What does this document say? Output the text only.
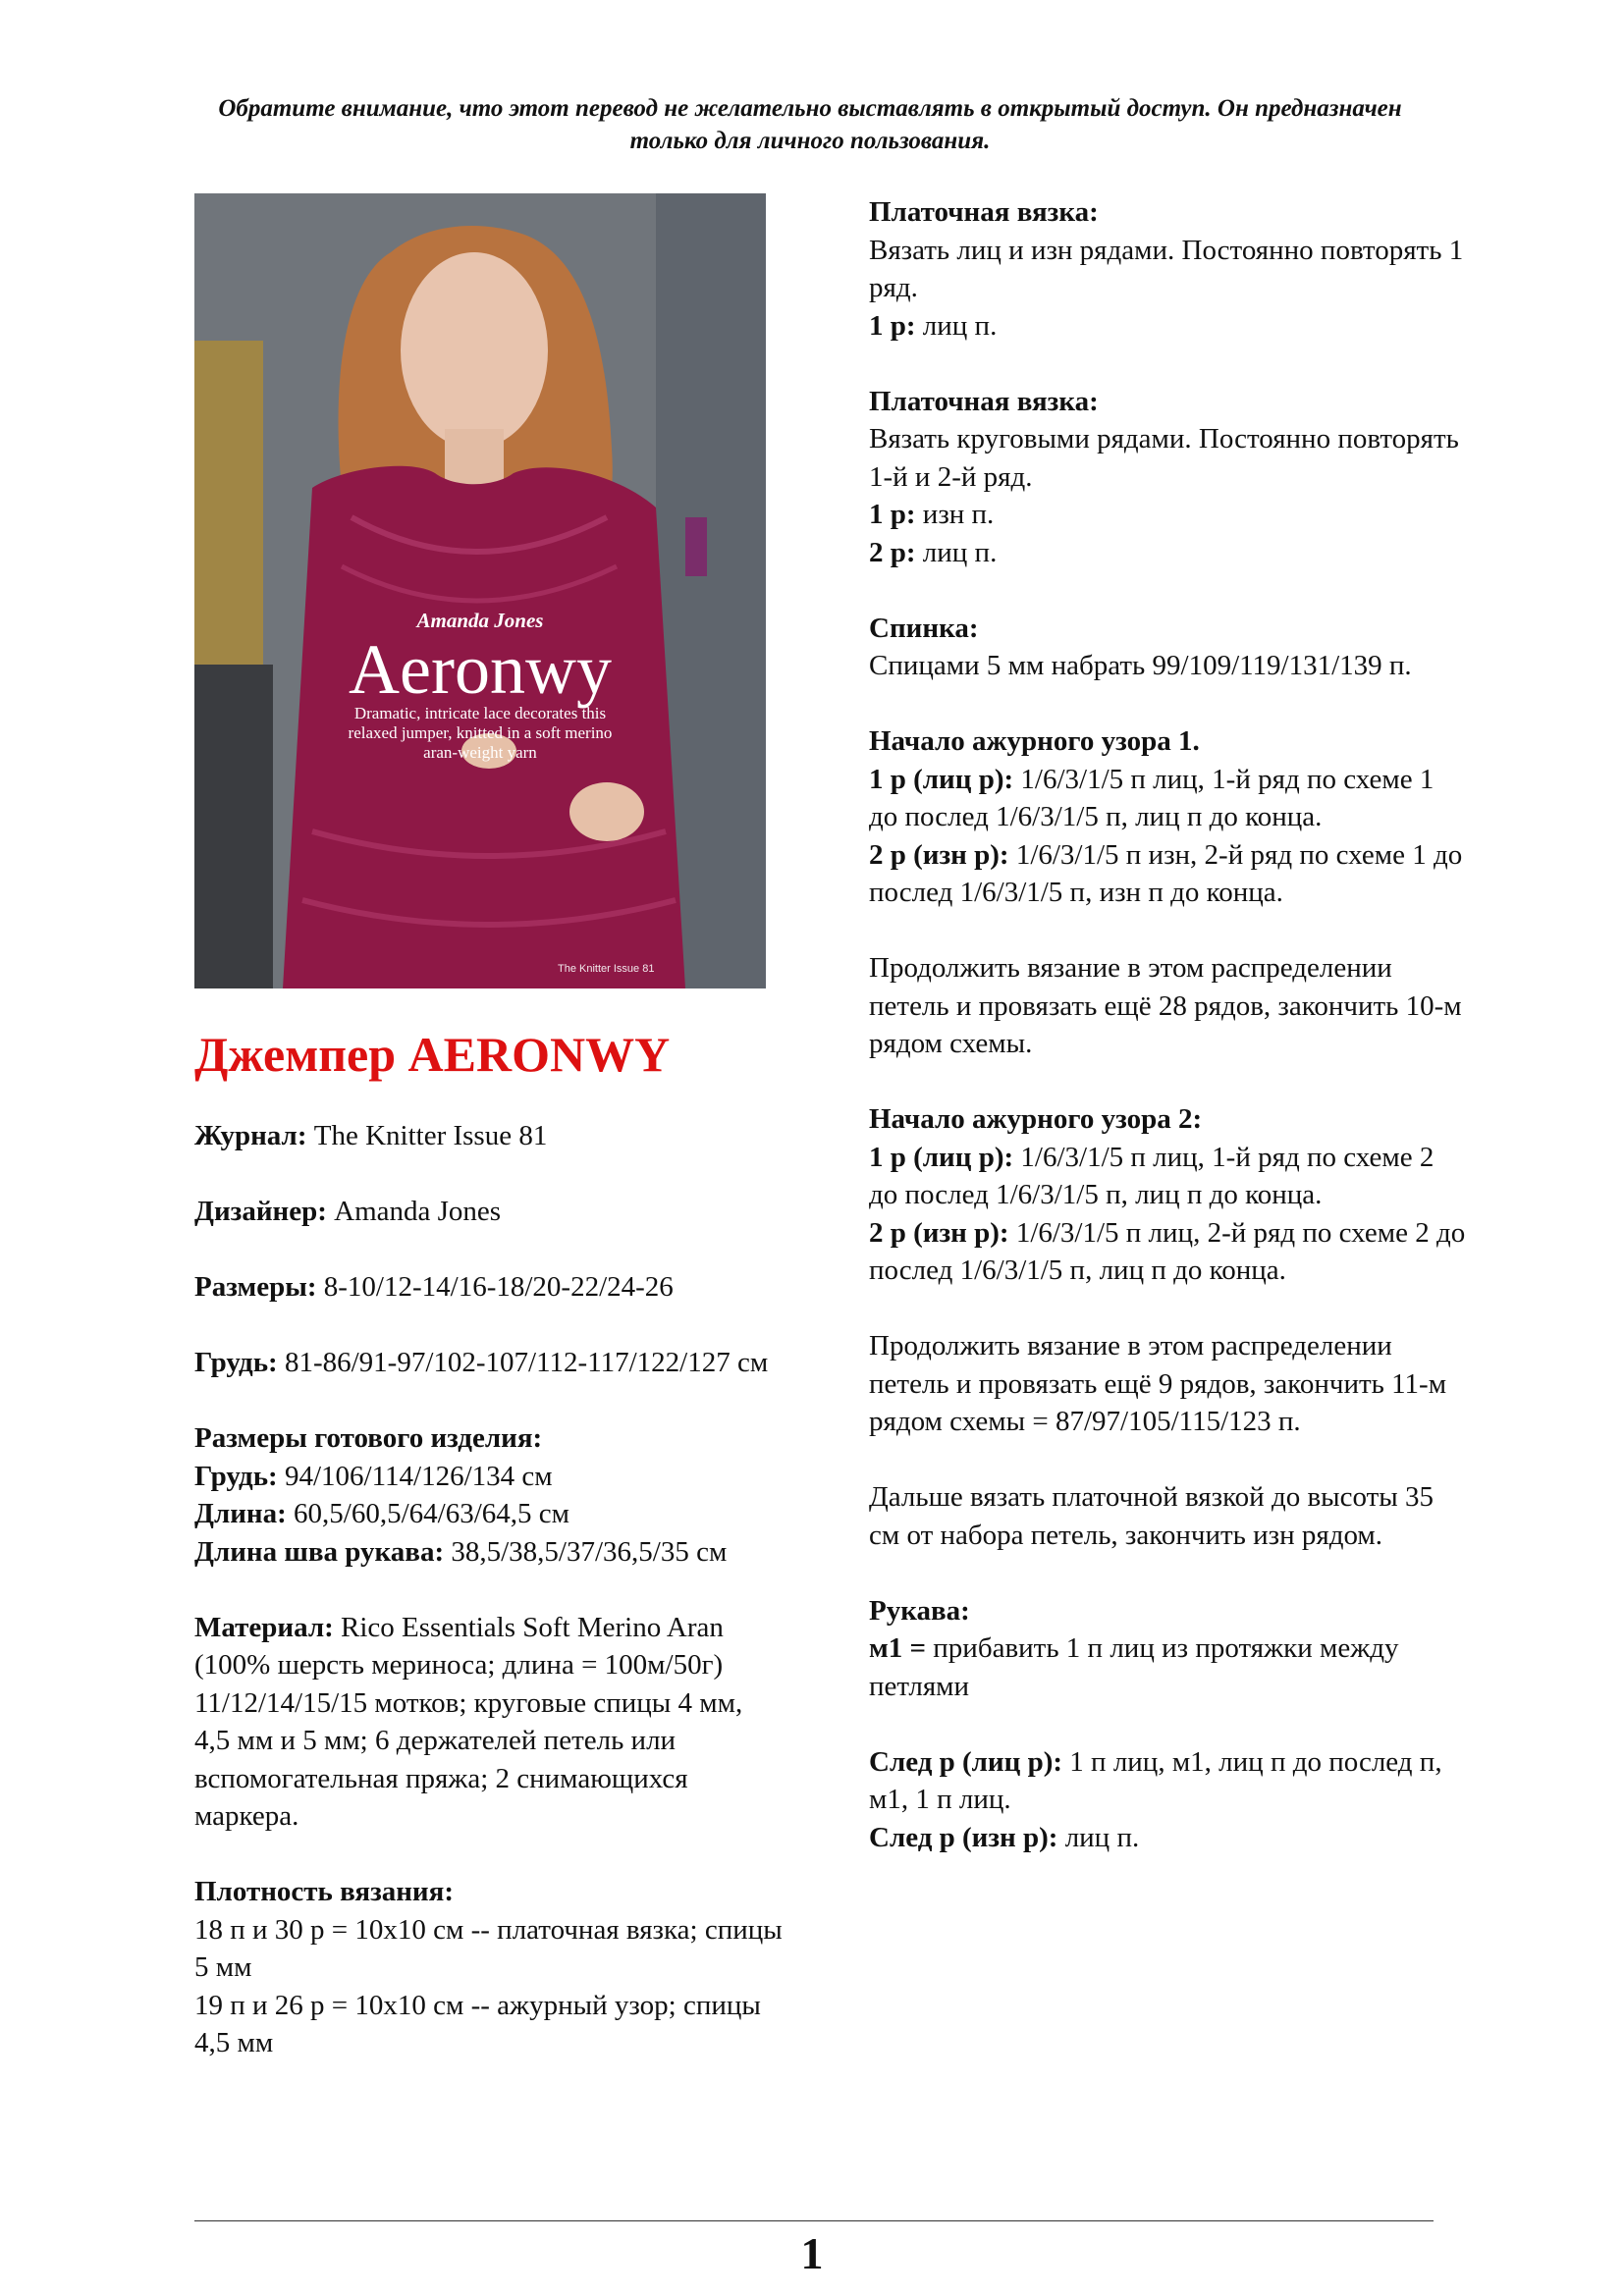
Обратите внимание, что этот перевод не желательно выставлять в открытый доступ. Он предназначен только для личного пользования.
Amanda Jones
Aeronwy
Dramatic, intricate lace decorates this relaxed jumper, knitted in a soft merino aran-weight yarn
The Knitter Issue 81
Джемпер AERONWY

Журнал: The Knitter Issue 81

Дизайнер: Amanda Jones

Размеры: 8-10/12-14/16-18/20-22/24-26

Грудь: 81-86/91-97/102-107/112-117/122/127 см

Размеры готового изделия:

Грудь: 94/106/114/126/134 см

Длина: 60,5/60,5/64/63/64,5 см

Длина шва рукава: 38,5/38,5/37/36,5/35 см

Материал: Rico Essentials Soft Merino Aran (100% шерсть мериноса; длина = 100м/50г) 11/12/14/15/15 мотков; круговые спицы 4 мм, 4,5 мм и 5 мм; 6 держателей петель или вспомогательная пряжа; 2 снимающихся маркера.

Плотность вязания:

18 п и 30 р = 10x10 см -- платочная вязка; спицы 5 мм

19 п и 26 р = 10x10 см -- ажурный узор; спицы 4,5 мм

Платочная вязка:

Вязать лиц и изн рядами. Постоянно повторять 1 ряд.

1 р: лиц п.

Платочная вязка:

Вязать круговыми рядами. Постоянно повторять 1-й и 2-й ряд.

1 р: изн п.

2 р: лиц п.

Спинка:

Спицами 5 мм набрать 99/109/119/131/139 п.

Начало ажурного узора 1.

1 р (лиц р): 1/6/3/1/5 п лиц, 1-й ряд по схеме 1 до послед 1/6/3/1/5 п, лиц п до конца.

2 р (изн р): 1/6/3/1/5 п изн, 2-й ряд по схеме 1 до послед 1/6/3/1/5 п, изн п до конца.

Продолжить вязание в этом распределении петель и провязать ещё 28 рядов, закончить 10-м рядом схемы.

Начало ажурного узора 2:

1 р (лиц р): 1/6/3/1/5 п лиц, 1-й ряд по схеме 2 до послед 1/6/3/1/5 п, лиц п до конца.

2 р (изн р): 1/6/3/1/5 п лиц, 2-й ряд по схеме 2 до послед 1/6/3/1/5 п, лиц п до конца.

Продолжить вязание в этом распределении петель и провязать ещё 9 рядов, закончить 11-м рядом схемы = 87/97/105/115/123 п.

Дальше вязать платочной вязкой до высоты 35 см от набора петель, закончить изн рядом.

Рукава:

м1 = прибавить 1 п лиц из протяжки между петлями

След р (лиц р): 1 п лиц, м1, лиц п до послед п, м1, 1 п лиц.

След р (изн р): лиц п.

1
